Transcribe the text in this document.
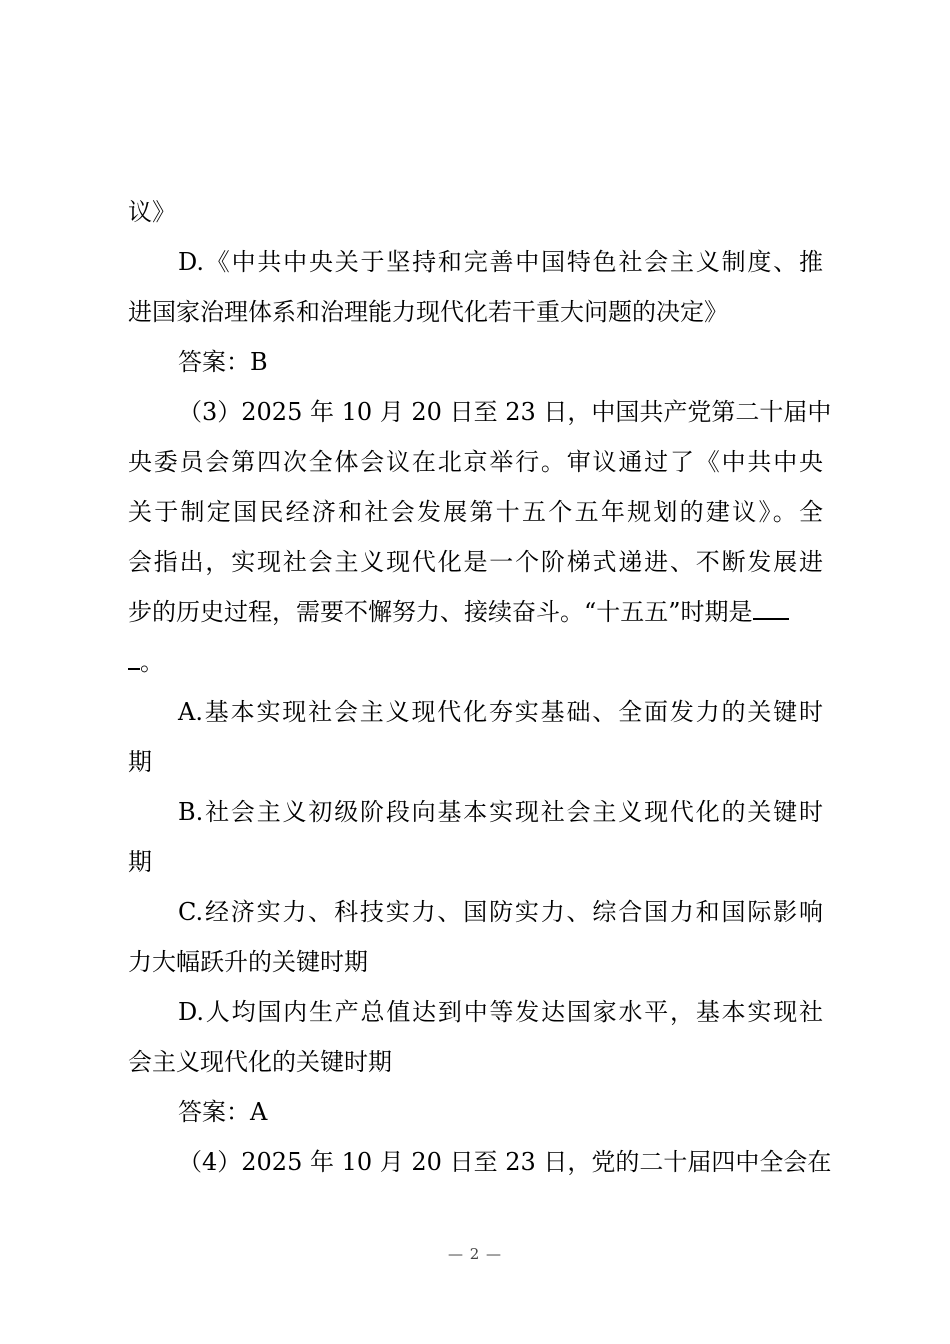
议》
D.《中共中央关于坚持和完善中国特色社会主义制度、推
进国家治理体系和治理能力现代化若干重大问题的决定》
答案：B
（3）2025 年 10 月 20 日至 23 日，中国共产党第二十届中
央委员会第四次全体会议在北京举行。审议通过了《中共中央
关于制定国民经济和社会发展第十五个五年规划的建议》。全
会指出，实现社会主义现代化是一个阶梯式递进、不断发展进
步的历史过程，需要不懈努力、接续奋斗。“十五五”时期是
。
A.基本实现社会主义现代化夯实基础、全面发力的关键时
期
B.社会主义初级阶段向基本实现社会主义现代化的关键时
期
C.经济实力、科技实力、国防实力、综合国力和国际影响
力大幅跃升的关键时期
D.人均国内生产总值达到中等发达国家水平，基本实现社
会主义现代化的关键时期
答案：A
（4）2025 年 10 月 20 日至 23 日，党的二十届四中全会在
— 2 —
